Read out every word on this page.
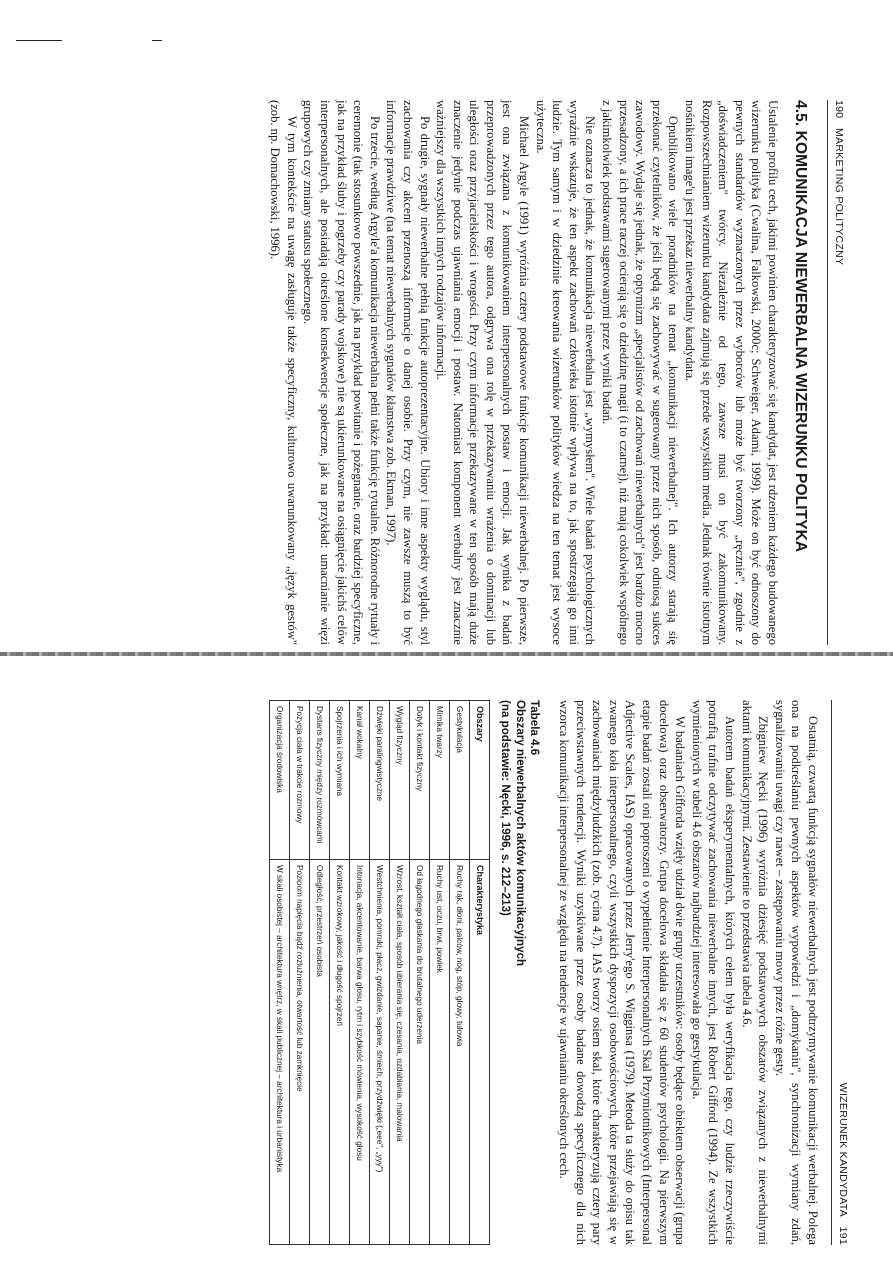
190
MARKETING POLITYCZNY
4.5. KOMUNIKACJA NIEWERBALNA WIZERUNKU POLITYKA

Ustalenie profilu cech, jakimi powinien charakteryzować się kandydat, jest rdzeniem każdego budowanego wizerunku polityka (Cwalina, Falkowski, 2000c; Schweiger, Adami, 1999). Może on być odnoszony do pewnych standardów wyznaczonych przez wyborców lub może być tworzony „ręcznie", zgodnie z „doświadczeniem" twórcy. Niezależnie od tego, zawsze musi on być zakomunikowany. Rozpowszechnianiem wizerunku kandydata zajmują się przede wszystkim media. Jednak równie istotnym nośnikiem image'u jest przekaz niewerbalny kandydata.

Opublikowano wiele poradników na temat „komunikacji niewerbalnej". Ich autorzy starają się przekonać czytelników, że jeśli będą się zachowywać w sugerowany przez nich sposób, odniosą sukces zawodowy. Wydaje się jednak, że optymizm „specjalistów od zachowań niewerbalnych" jest bardzo mocno przesadzony, a ich prace raczej ocierają się o dziedzinę magii (i to czarnej), niż mają cokolwiek wspólnego z jakimkolwiek podstawami sugerowanymi przez wyniki badań.

Nie oznacza to jednak, że komunikacja niewerbalna jest „wymysłem". Wiele badań psychologicznych wyraźnie wskazuje, że ten aspekt zachowań człowieka istotnie wpływa na to, jak spostrzegają go inni ludzie. Tym samym i w dziedzinie kreowania wizerunków polityków wiedza na ten temat jest wysoce użyteczna.

Michael Argyle (1991) wyróżnia cztery podstawowe funkcje komunikacji niewerbalnej. Po pierwsze, jest ona związana z komunikowaniem interpersonalnych postaw i emocji. Jak wynika z badań przeprowadzonych przez tego autora, odgrywa ona rolę w przekazywaniu wrażenia o dominacji lub uległości oraz przyjacielskości i wrogości. Przy czym informacje przekazywane w ten sposób mają duże znaczenie jedynie podczas ujawniania emocji i postaw. Natomiast komponent werbalny jest znacznie ważniejszy dla wszystkich innych rodzajów informacji.

Po drugie, sygnały niewerbalne pełnią funkcje autoprezentacyjne. Ubiory i inne aspekty wyglądu, styl zachowania czy akcent przenoszą informacje o danej osobie. Przy czym, nie zawsze muszą to być informacje prawdziwe (na temat niewerbalnych sygnałów kłamstwa zob. Ekman, 1997).

Po trzecie, według Argyle'a komunikacja niewerbalna pełni także funkcję rytualne. Różnorodne rytuały i ceremonie (tak stosunkowo powszednie, jak na przykład powitanie i pożegnanie, oraz bardziej specyficzne, jak na przykład śluby i pogrzeby czy parady wojskowe) nie są ukierunkowane na osiągnięcie jakichś celów interpersonalnych, ale posiadają określone konsekwencje społeczne, jak na przykład: umacnianie więzi grupowych czy zmiany statusu społecznego.

W tym kontekście na uwagę zasługuje także specyficzny, kulturowo uwarunkowany „język gestów" (zob. np. Domachowski, 1996).

WIZERUNEK KANDYDATA
191

Ostatnią, czwartą funkcją sygnałów niewerbalnych jest podtrzymywanie komunikacji werbalnej. Polega ona na podkreślaniu pewnych aspektów wypowiedzi i „domykaniu", synchronizacji wymiany zdań, sygnalizowaniu uwagi czy nawet – zastępowaniu mowy przez różne gesty.

Zbigniew Nęcki (1996) wyróżnia dziesięć podstawowych obszarów związanych z niewerbalnymi aktami komunikacyjnymi. Zestawienie to przedstawia tabela 4.6.

Autorem badań eksperymentalnych, których celem była weryfikacja tego, czy ludzie rzeczywiście potrafią trafnie odczytywać zachowania niewerbalne innych, jest Robert Gifford (1994). Ze wszystkich wymienionych w tabeli 4.6 obszarów najbardziej interesowała go gestykulacja.

W badaniach Gifforda wzięły udział dwie grupy uczestników: osoby będące obiektem obserwacji (grupa docelowa) oraz obserwatorzy. Grupa docelowa składała się z 60 studentów psychologii. Na pierwszym etapie badań zostali oni poproszeni o wypełnienie Interpersonalnych Skal Przymiotnikowych (Interpersonal Adjective Scales, IAS) opracowanych przez Jerry'ego S. Wigginsa (1979). Metoda ta służy do opisu tak zwanego koła interpersonalnego, czyli wszystkich dyspozycji osobowościowych, które przejawiają się w zachowaniach międzyludzkich (zob. rycina 4.7). IAS tworzy osiem skal, które charakteryzują cztery pary przeciwstawnych tendencji. Wyniki uzyskiwane przez osoby badane dowodzą specyficznego dla nich wzorca komunikacji interpersonalnej ze względu na tendencje w ujawnianiu określonych cech.

Tabela 4.6
Obszary niewerbalnych aktów komunikacyjnych
(na podstawie: Nęcki, 1996, s. 212–213)
Obszary	Charakterystyka
Gestykulacja	Ruchy rąk, dłoni, palców, nóg, stóp, głowy, tułowia
Mimika twarzy	Ruchy ust, oczu, brwi, powiek
Dotyk i kontakt fizyczny	Od łagodnego głaskania do brutalnego uderzenia
Wygląd fizyczny	Wzrost, kształt ciała, sposób ubierania się, czesania, ozdabiania, malowania
Dźwięki paralingwistyczne	Westchnienia, pomruki, płacz, gwizdanie, sapanie, śmiech, przydźwięki („eee", „yyy")
Kanał wokalny	Intonacja, akcentowanie, barwa głosu, rytm i szybkość mówienia, wysokość głosu
Spojrzenia i ich wymiana	Kontakt wzrokowy, jakość i długość spojrzeń
Dystans fizyczny między rozmówcami	Odległość, przestrzeń osobista
Pozycja ciała w trakcie rozmowy	Pozioom napięcia bądź rozluźnienia, otwartość lub zamknięcie
Organizacja środowiska	W skali osobistej – architektura wnętrz, w skali publicznej – architektura i urbanistyka
